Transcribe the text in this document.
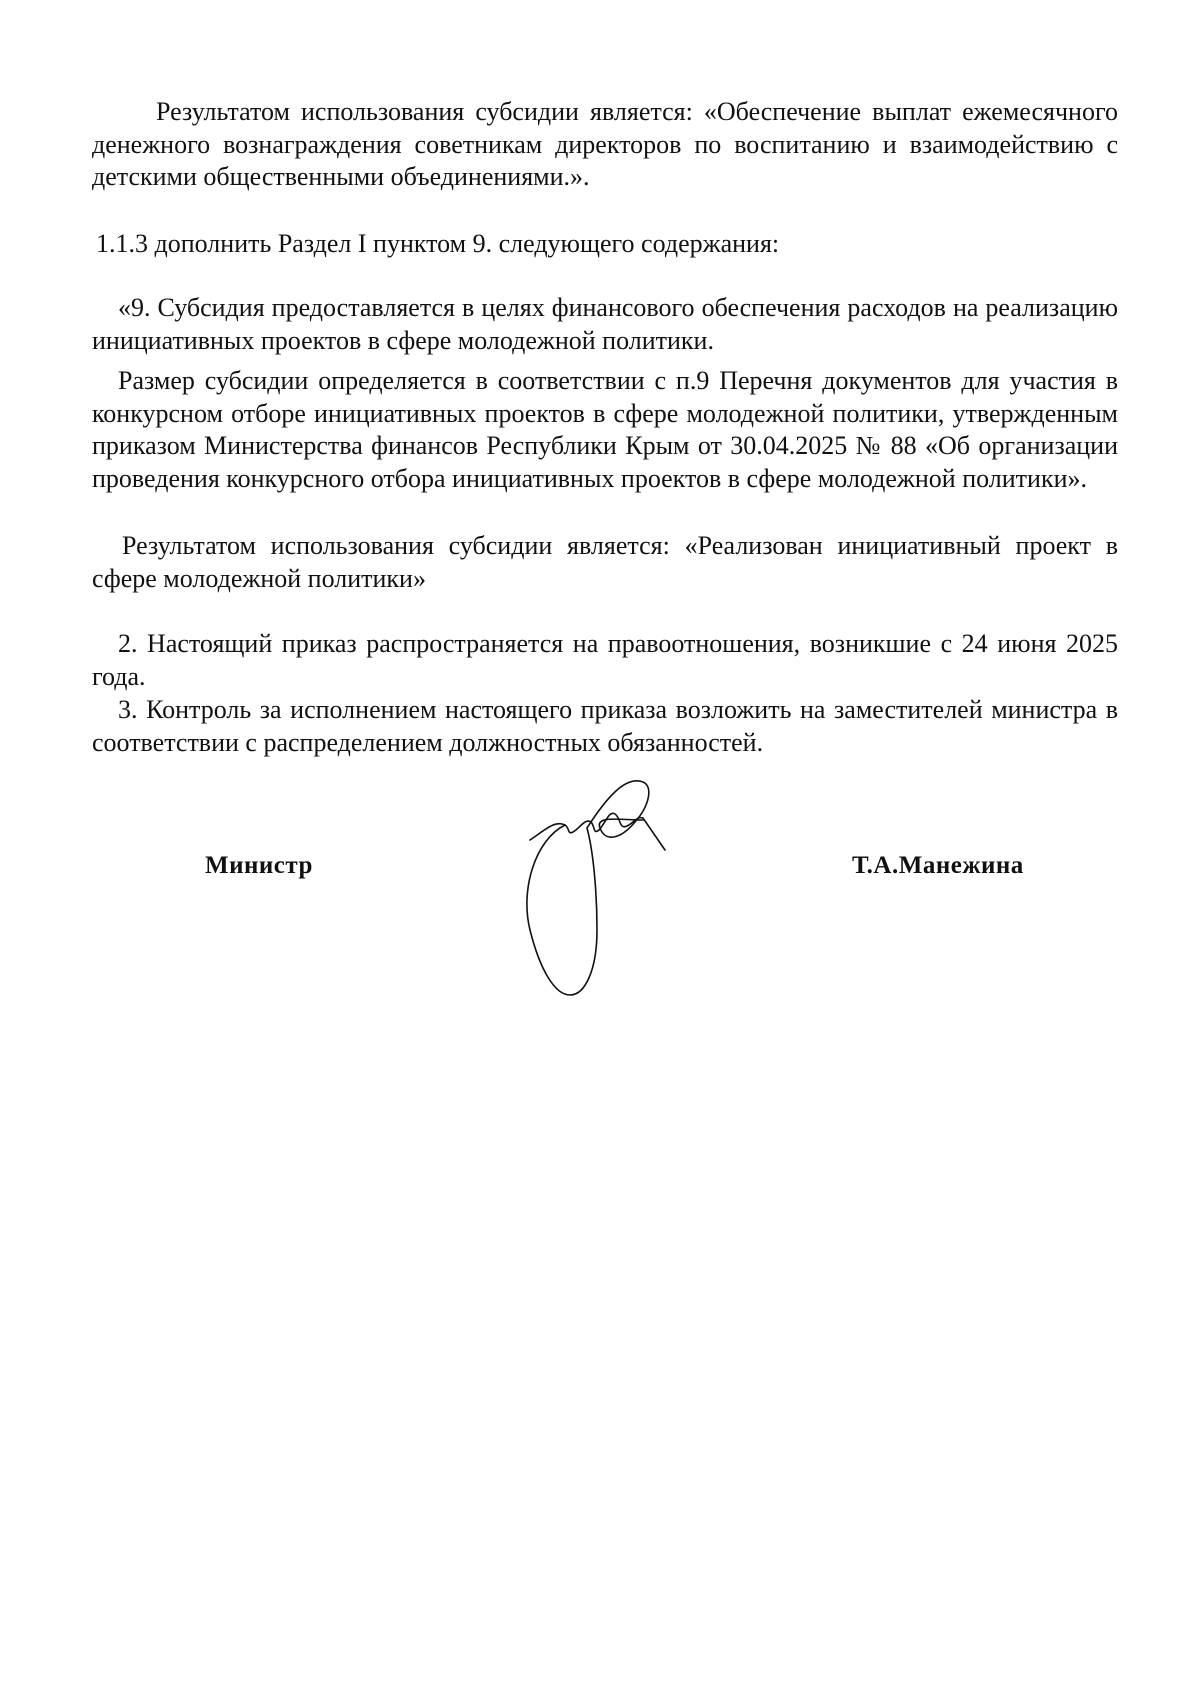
Результатом использования субсидии является: «Обеспечение выплат ежемесячного денежного вознаграждения советникам директоров по воспитанию и взаимодействию с детскими общественными объединениями.».

1.1.3 дополнить Раздел I пунктом 9. следующего содержания:

«9. Субсидия предоставляется в целях финансового обеспечения расходов на реализацию инициативных проектов в сфере молодежной политики.

Размер субсидии определяется в соответствии с п.9 Перечня документов для участия в конкурсном отборе инициативных проектов в сфере молодежной политики, утвержденным приказом Министерства финансов Республики Крым от 30.04.2025 № 88 «Об организации проведения конкурсного отбора инициативных проектов в сфере молодежной политики».

Результатом использования субсидии является: «Реализован инициативный проект в сфере молодежной политики»

2. Настоящий приказ распространяется на правоотношения, возникшие с 24 июня 2025 года.

3. Контроль за исполнением настоящего приказа возложить на заместителей министра в соответствии с распределением должностных обязанностей.

Министр	Т.А.Манежина
